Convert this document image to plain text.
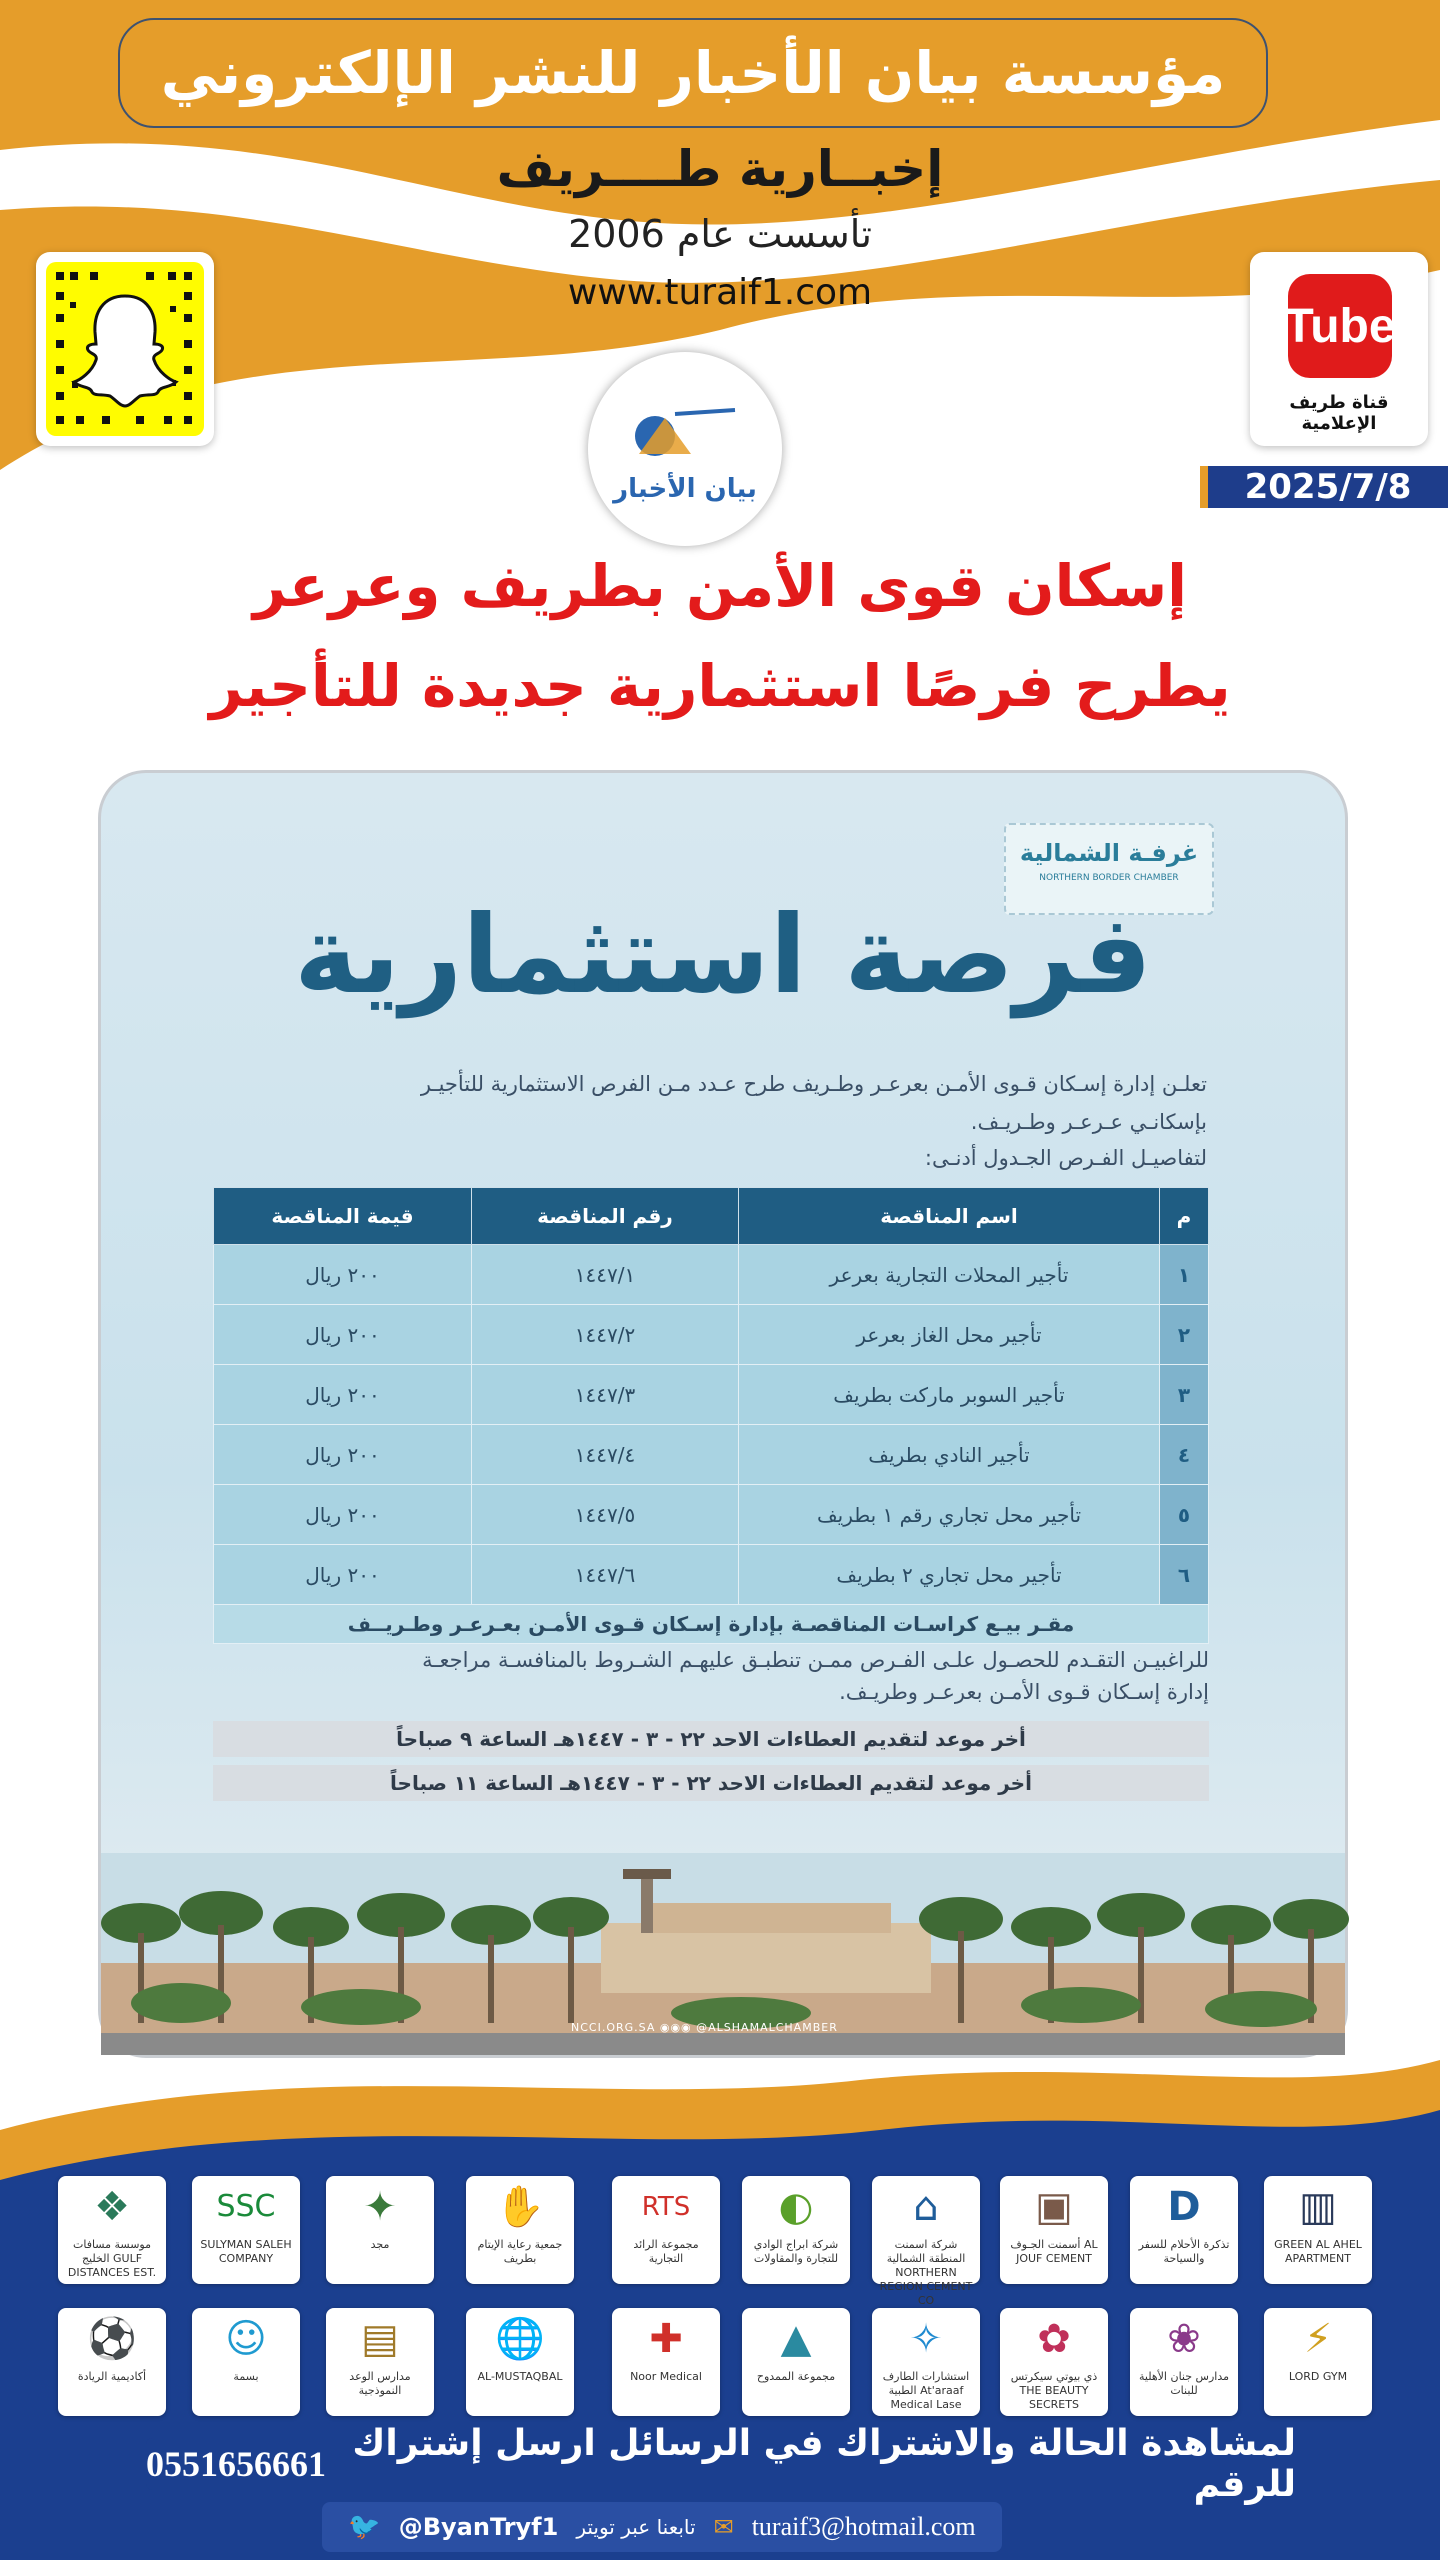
مؤسسة بيان الأخبار للنشر الإلكتروني
إخبــارية طــــريف
تأسست عام 2006
www.turaif1.com
Tube
قناة طريف الإعلامية
بيان الأخبار	2025/7/8
إسكان قوى الأمن بطريف وعرعر
يطرح فرصًا استثمارية جديدة للتأجير
غرفـة الشمالية
NORTHERN BORDER CHAMBER
فرصة استثمارية
تعلـن إدارة إسـكان قـوى الأمـن بعرعـر وطـريف طرح عـدد مـن الفرص الاستثمارية للتأجيـر
بإسكانـي عـرعـر وطـريـف.
لتفاصيـل الفـرص الجـدول أدنـى:
م	اسم المناقصة	رقم المناقصة	قيمة المناقصة
١	تأجير المحلات التجارية بعرعر	١٤٤٧/١	٢٠٠ ريال
٢	تأجير محل الغاز بعرعر	١٤٤٧/٢	٢٠٠ ريال
٣	تأجير السوبر ماركت بطريف	١٤٤٧/٣	٢٠٠ ريال
٤	تأجير النادي بطريف	١٤٤٧/٤	٢٠٠ ريال
٥	تأجير محل تجاري رقم ١ بطريف	١٤٤٧/٥	٢٠٠ ريال
٦	تأجير محل تجاري ٢ بطريف	١٤٤٧/٦	٢٠٠ ريال
مقـر بيـع كراسـات المناقصـة بإدارة إسـكان قـوى الأمـن بعـرعـر وطـريــف			
للراغبيـن التقـدم للحصـول علـى الفـرص ممـن تنطبـق عليهـم الشـروط بالمنافسـة مراجعـة
إدارة إسـكان قـوى الأمـن بعرعـر وطريـف.
أخر موعد لتقديم العطاءات الاحد ٢٢ - ٣ - ١٤٤٧هـ الساعة ٩ صباحاً
أخر موعد لتقديم العطاءات الاحد ٢٢ - ٣ - ١٤٤٧هـ الساعة ١١ صباحاً
NCCI.ORG.SA ◉◉◉ @ALSHAMALCHAMBER
❖
موسسة مسافات الخليج GULF DISTANCES EST.
SSC
SULYMAN SALEH COMPANY
✦
مجد
✋
جمعية رعاية الإيتام بطريف
RTS
مجموعة الرائد التجارية
◐
شركة ابراج الوادي للتجارة والمقاولات
⌂
شركة اسمنت المنطقة الشمالية NORTHERN REGION CEMENT CO
▣
أسمنت الجـوف AL JOUF CEMENT
D
تذكرة الأحلام للسفر والسياحة
▥
GREEN AL AHEL APARTMENT
⚽
أكاديمية الريادة
☺
بسمة
▤
مدارس الوعد النموذجية
🌐
AL-MUSTAQBAL
✚
Noor Medical
▲
مجموعة الممدوح
✧
استشارات الطارف الطبية At'araaf Medical Lase
✿
ذي بيوتي سيكرتس THE BEAUTY SECRETS
❀
مدارس جنان الأهلية للبنات
⚡
LORD GYM
0551656661 لمشاهدة الحالة والاشتراك في الرسائل ارسل إشتراك للرقم
🐦 @ByanTryf1 تابعنا عبر تويتر ✉ turaif3@hotmail.com
